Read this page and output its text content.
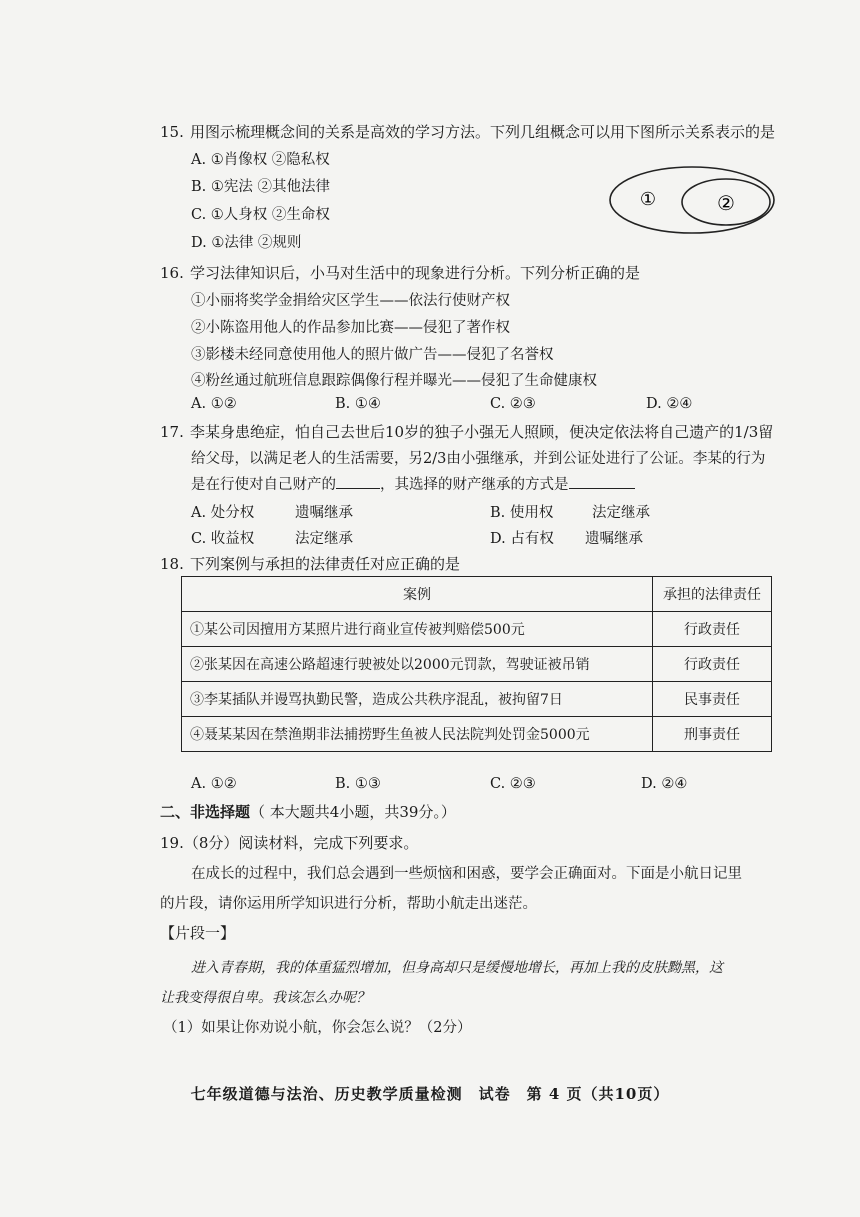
15. 用图示梳理概念间的关系是高效的学习方法。下列几组概念可以用下图所示关系表示的是
A. ①肖像权 ②隐私权
B. ①宪法 ②其他法律
C. ①人身权 ②生命权
D. ①法律 ②规则
①	②
16. 学习法律知识后，小马对生活中的现象进行分析。下列分析正确的是
①小丽将奖学金捐给灾区学生——依法行使财产权
②小陈盗用他人的作品参加比赛——侵犯了著作权
③影楼未经同意使用他人的照片做广告——侵犯了名誉权
④粉丝通过航班信息跟踪偶像行程并曝光——侵犯了生命健康权
A. ①②	B. ①④	C. ②③	D. ②④
17. 李某身患绝症，怕自己去世后10岁的独子小强无人照顾，便决定依法将自己遗产的1/3留
给父母，以满足老人的生活需要，另2/3由小强继承，并到公证处进行了公证。李某的行为
是在行使对自己财产的	，其选择的财产继承的方式是
A. 处分权	遗嘱继承	B. 使用权	法定继承
C. 收益权	法定继承	D. 占有权 遗嘱继承
18. 下列案例与承担的法律责任对应正确的是
案例	承担的法律责任
①某公司因擅用方某照片进行商业宣传被判赔偿500元	行政责任
②张某因在高速公路超速行驶被处以2000元罚款，驾驶证被吊销	行政责任
③李某插队并谩骂执勤民警，造成公共秩序混乱，被拘留7日	民事责任
④聂某某因在禁渔期非法捕捞野生鱼被人民法院判处罚金5000元	刑事责任
A. ①②	B. ①③	C. ②③	D. ②④
二、非选择题（ 本大题共4小题，共39分。）
19.（8分）阅读材料，完成下列要求。
在成长的过程中，我们总会遇到一些烦恼和困惑，要学会正确面对。下面是小航日记里
的片段，请你运用所学知识进行分析，帮助小航走出迷茫。
【片段一】
进入青春期，我的体重猛烈增加，但身高却只是缓慢地增长，再加上我的皮肤黝黑，这
让我变得很自卑。我该怎么办呢？
（1）如果让你劝说小航，你会怎么说？（2分）
七年级道德与法治、历史教学质量检测　试卷　第 4 页（共10页）
